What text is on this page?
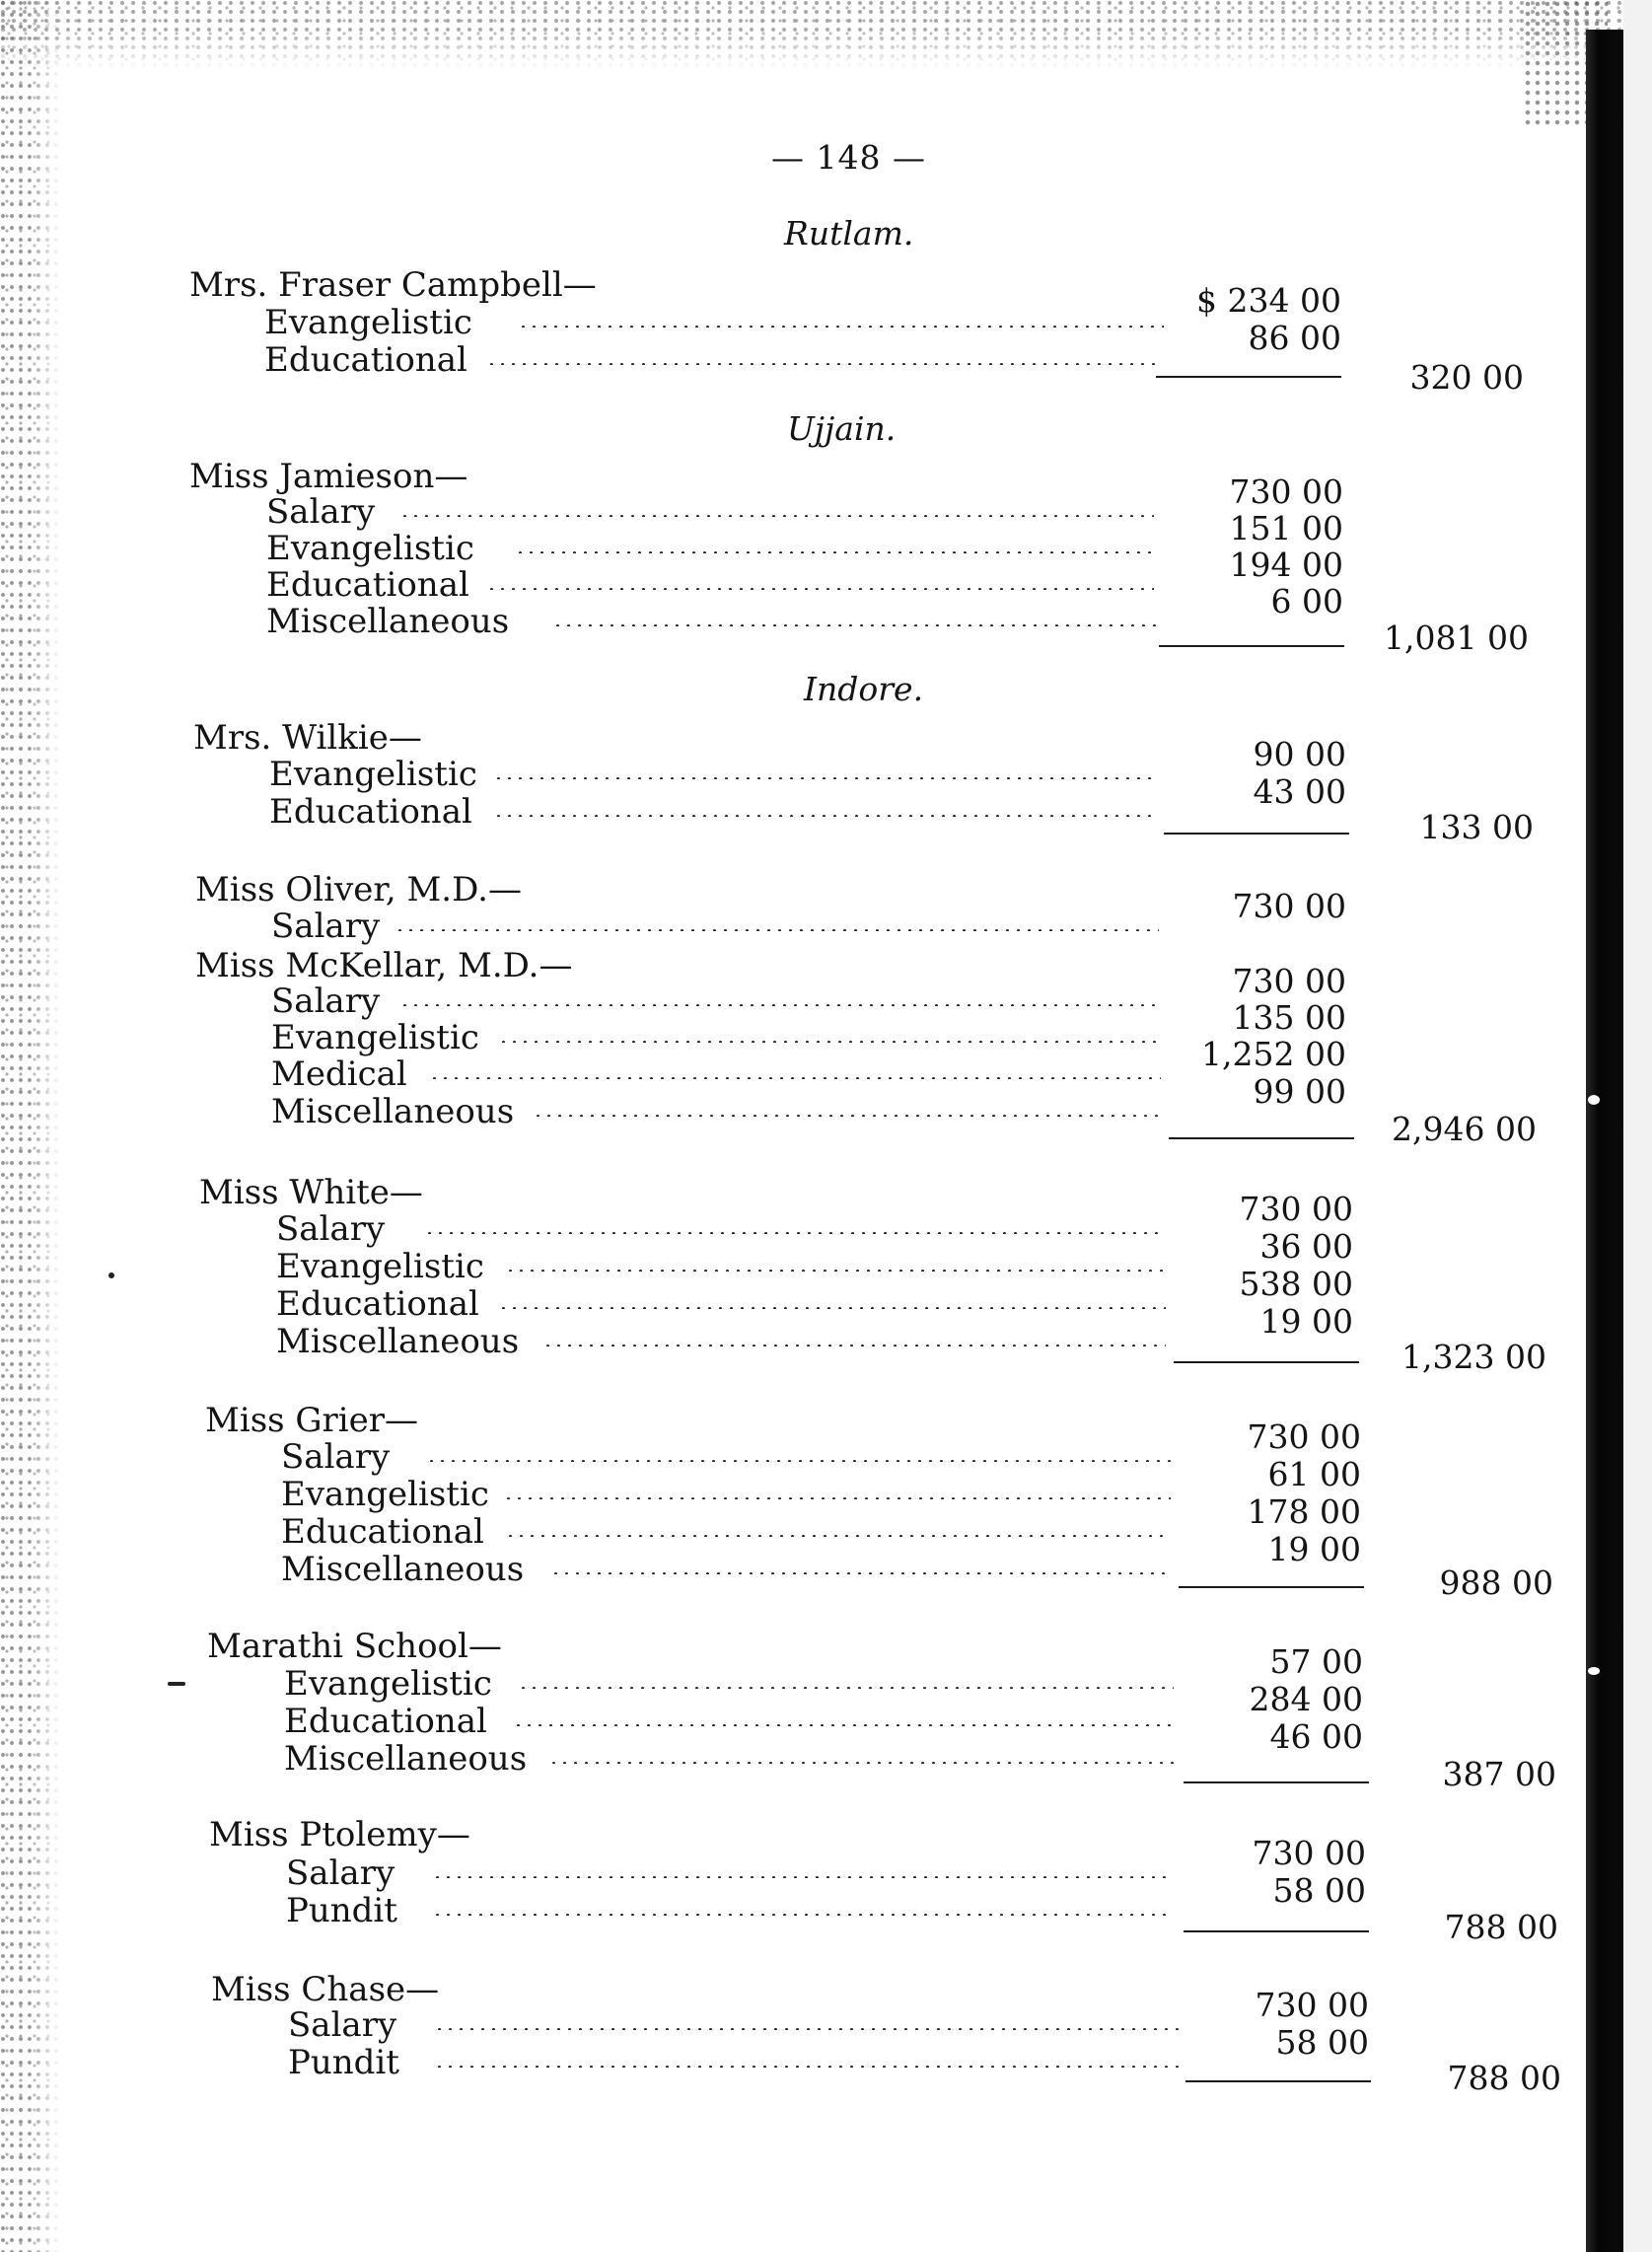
— 148 —
Rutlam.
Mrs. Fraser Campbell—
Evangelistic
$ 234 00
Educational
86 00
320 00
Ujjain.
Miss Jamieson—
Salary
730 00
Evangelistic
151 00
Educational
194 00
Miscellaneous
6 00
1,081 00
Indore.
Mrs. Wilkie—
Evangelistic
90 00
Educational
43 00
133 00
Miss Oliver, M.D.—
Salary
730 00
Miss McKellar, M.D.—
Salary
730 00
Evangelistic
135 00
Medical
1,252 00
Miscellaneous
99 00
2,946 00
Miss White—
Salary
730 00
Evangelistic
36 00
Educational
538 00
Miscellaneous
19 00
1,323 00
Miss Grier—
Salary
730 00
Evangelistic
61 00
Educational
178 00
Miscellaneous
19 00
988 00
Marathi School—
Evangelistic
57 00
Educational
284 00
Miscellaneous
46 00
387 00
Miss Ptolemy—
Salary
730 00
Pundit
58 00
788 00
Miss Chase—
Salary
730 00
Pundit
58 00
788 00
